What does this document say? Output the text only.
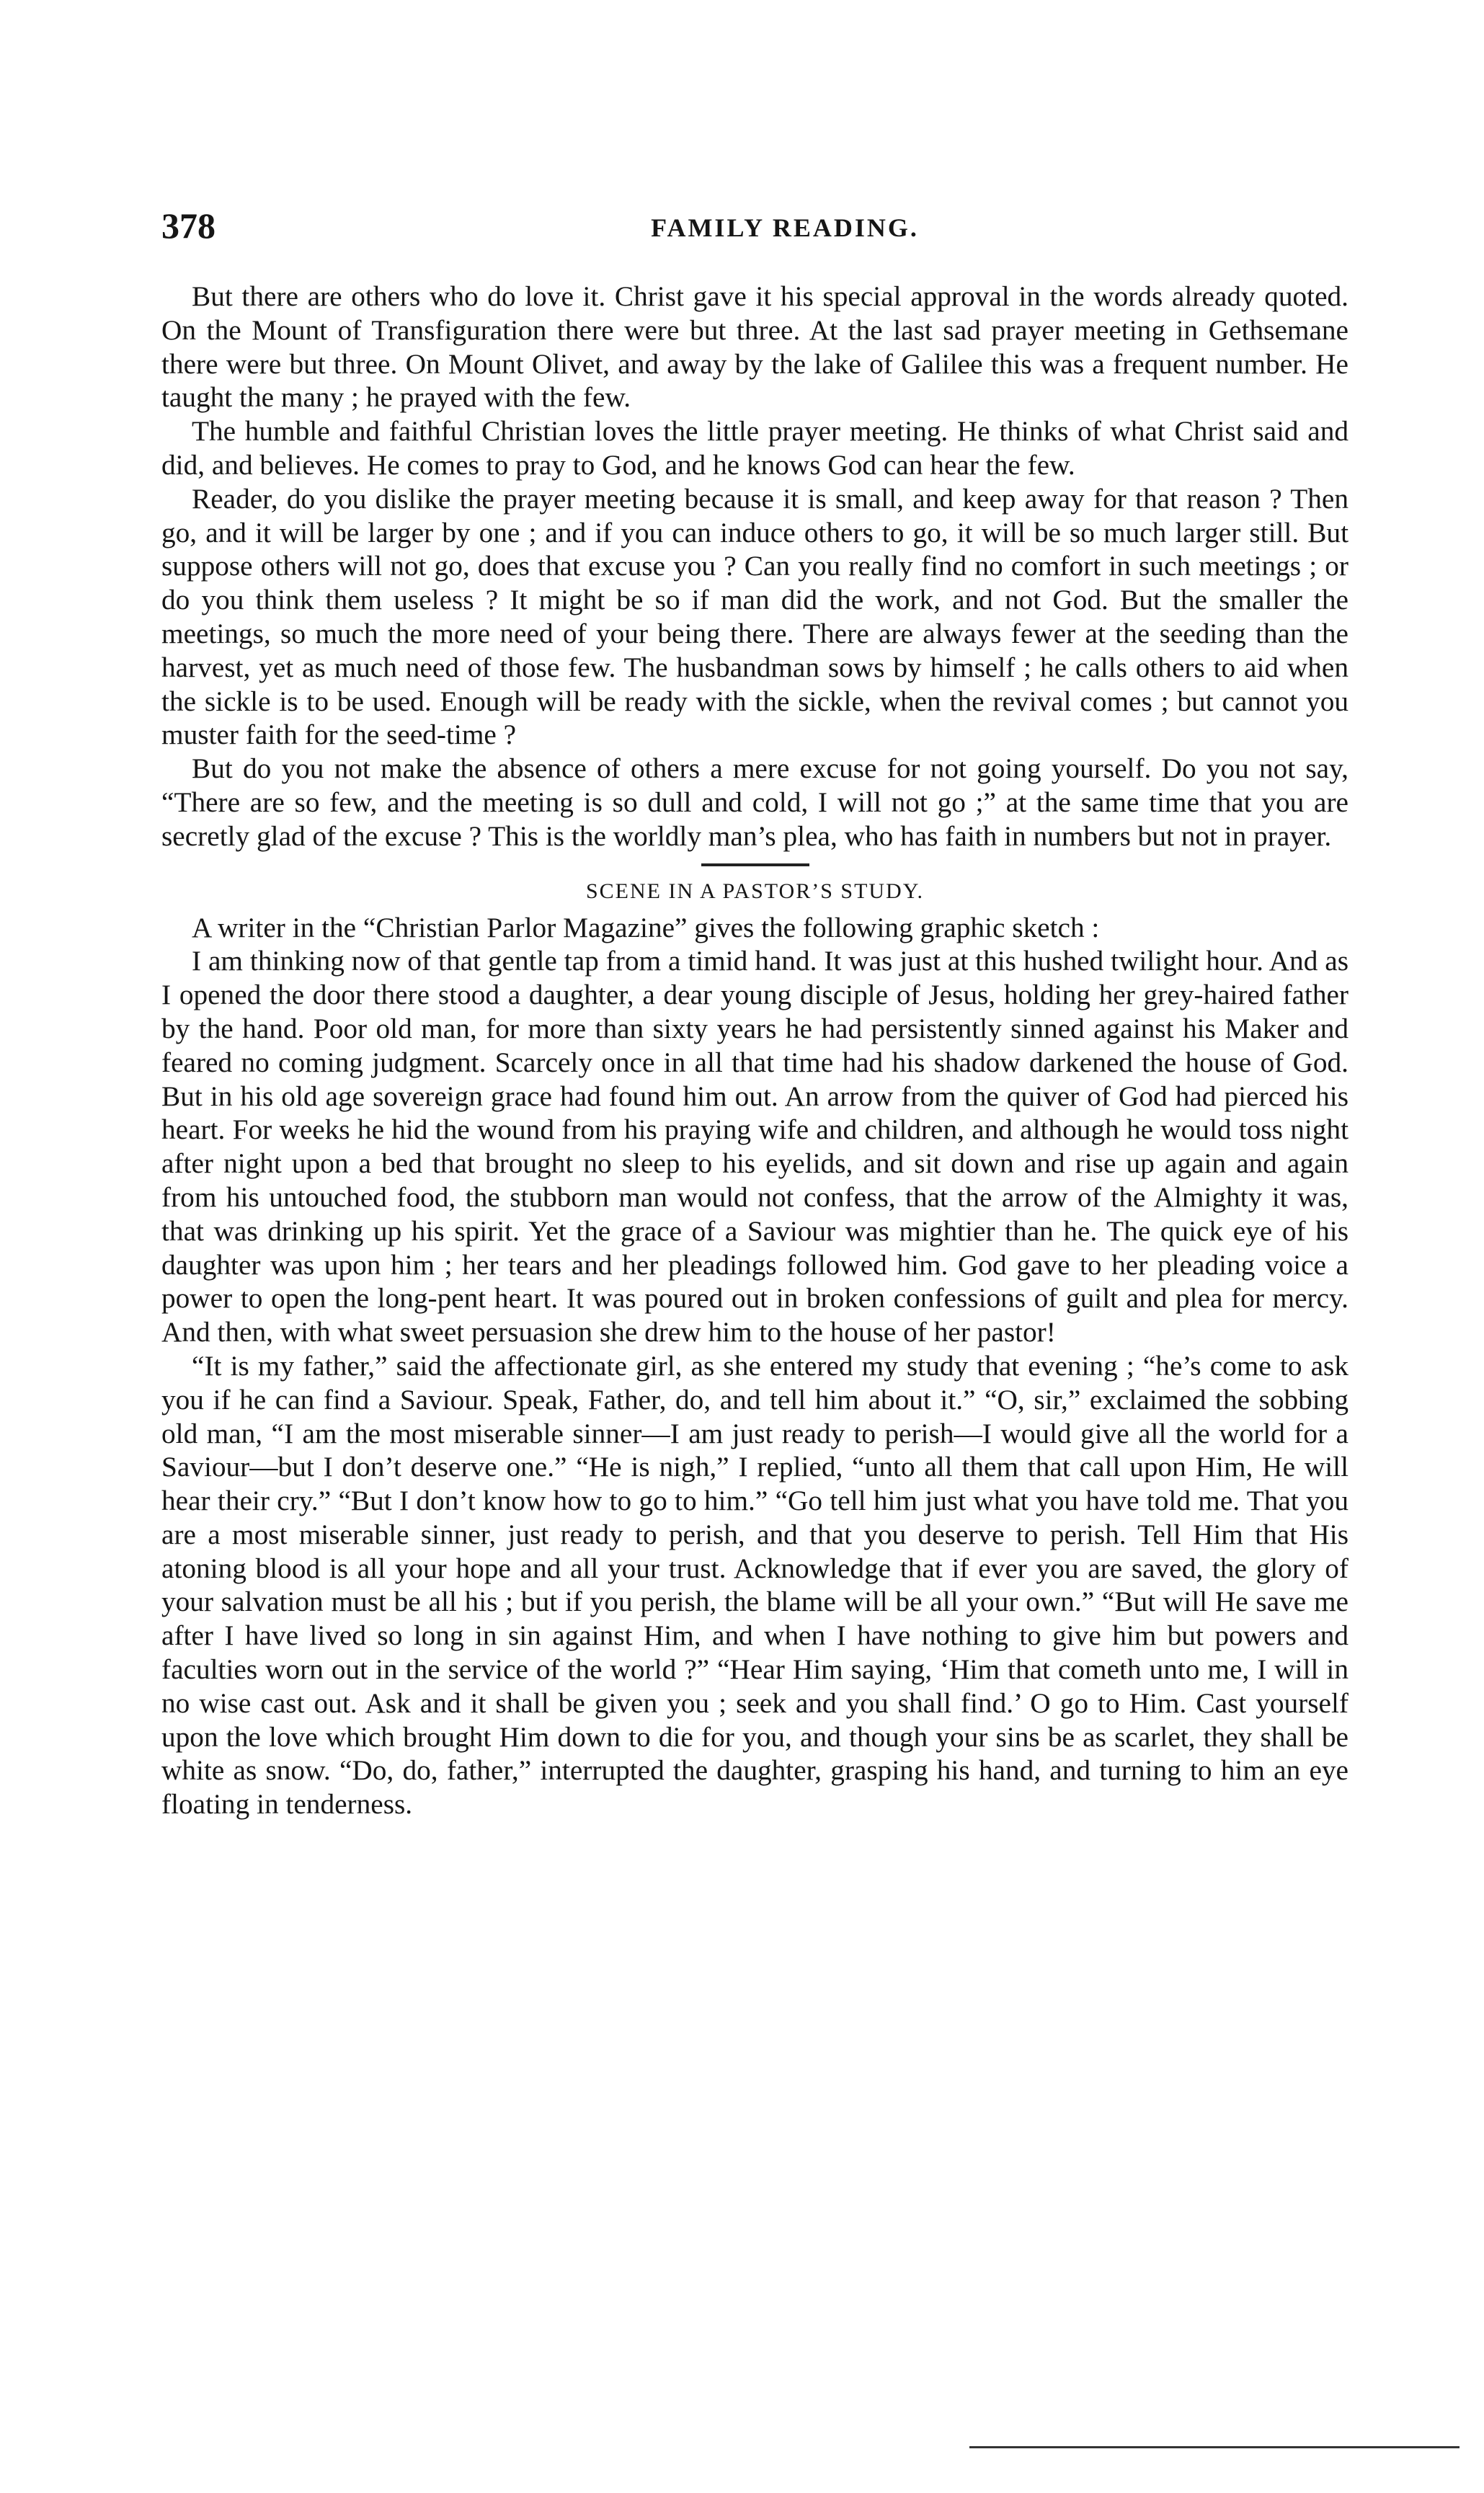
378	FAMILY READING.

But there are others who do love it. Christ gave it his special approval in the words already quoted. On the Mount of Transfiguration there were but three. At the last sad prayer meeting in Gethsemane there were but three. On Mount Olivet, and away by the lake of Galilee this was a frequent number. He taught the many ; he prayed with the few.

The humble and faithful Christian loves the little prayer meeting. He thinks of what Christ said and did, and believes. He comes to pray to God, and he knows God can hear the few.

Reader, do you dislike the prayer meeting because it is small, and keep away for that reason ? Then go, and it will be larger by one ; and if you can induce others to go, it will be so much larger still. But suppose others will not go, does that excuse you ? Can you really find no comfort in such meetings ; or do you think them useless ? It might be so if man did the work, and not God. But the smaller the meetings, so much the more need of your being there. There are always fewer at the seeding than the harvest, yet as much need of those few. The husbandman sows by himself ; he calls others to aid when the sickle is to be used. Enough will be ready with the sickle, when the revival comes ; but cannot you muster faith for the seed-time ?

But do you not make the absence of others a mere excuse for not going yourself. Do you not say, “There are so few, and the meeting is so dull and cold, I will not go ;” at the same time that you are secretly glad of the excuse ? This is the worldly man’s plea, who has faith in numbers but not in prayer.

SCENE IN A PASTOR’S STUDY.

A writer in the “Christian Parlor Magazine” gives the following graphic sketch :

I am thinking now of that gentle tap from a timid hand. It was just at this hushed twilight hour. And as I opened the door there stood a daughter, a dear young disciple of Jesus, holding her grey-haired father by the hand. Poor old man, for more than sixty years he had persistently sinned against his Maker and feared no coming judgment. Scarcely once in all that time had his shadow darkened the house of God. But in his old age sovereign grace had found him out. An arrow from the quiver of God had pierced his heart. For weeks he hid the wound from his praying wife and children, and although he would toss night after night upon a bed that brought no sleep to his eyelids, and sit down and rise up again and again from his untouched food, the stubborn man would not confess, that the arrow of the Almighty it was, that was drinking up his spirit. Yet the grace of a Saviour was mightier than he. The quick eye of his daughter was upon him ; her tears and her pleadings followed him. God gave to her pleading voice a power to open the long-pent heart. It was poured out in broken confessions of guilt and plea for mercy. And then, with what sweet persuasion she drew him to the house of her pastor!

“It is my father,” said the affectionate girl, as she entered my study that evening ; “he’s come to ask you if he can find a Saviour. Speak, Father, do, and tell him about it.” “O, sir,” exclaimed the sobbing old man, “I am the most miserable sinner—I am just ready to perish—I would give all the world for a Saviour—but I don’t deserve one.” “He is nigh,” I replied, “unto all them that call upon Him, He will hear their cry.” “But I don’t know how to go to him.” “Go tell him just what you have told me. That you are a most miserable sinner, just ready to perish, and that you deserve to perish. Tell Him that His atoning blood is all your hope and all your trust. Acknowledge that if ever you are saved, the glory of your salvation must be all his ; but if you perish, the blame will be all your own.” “But will He save me after I have lived so long in sin against Him, and when I have nothing to give him but powers and faculties worn out in the service of the world ?” “Hear Him saying, ‘Him that cometh unto me, I will in no wise cast out. Ask and it shall be given you ; seek and you shall find.’ O go to Him. Cast yourself upon the love which brought Him down to die for you, and though your sins be as scarlet, they shall be white as snow. “Do, do, father,” interrupted the daughter, grasping his hand, and turning to him an eye floating in tenderness.
